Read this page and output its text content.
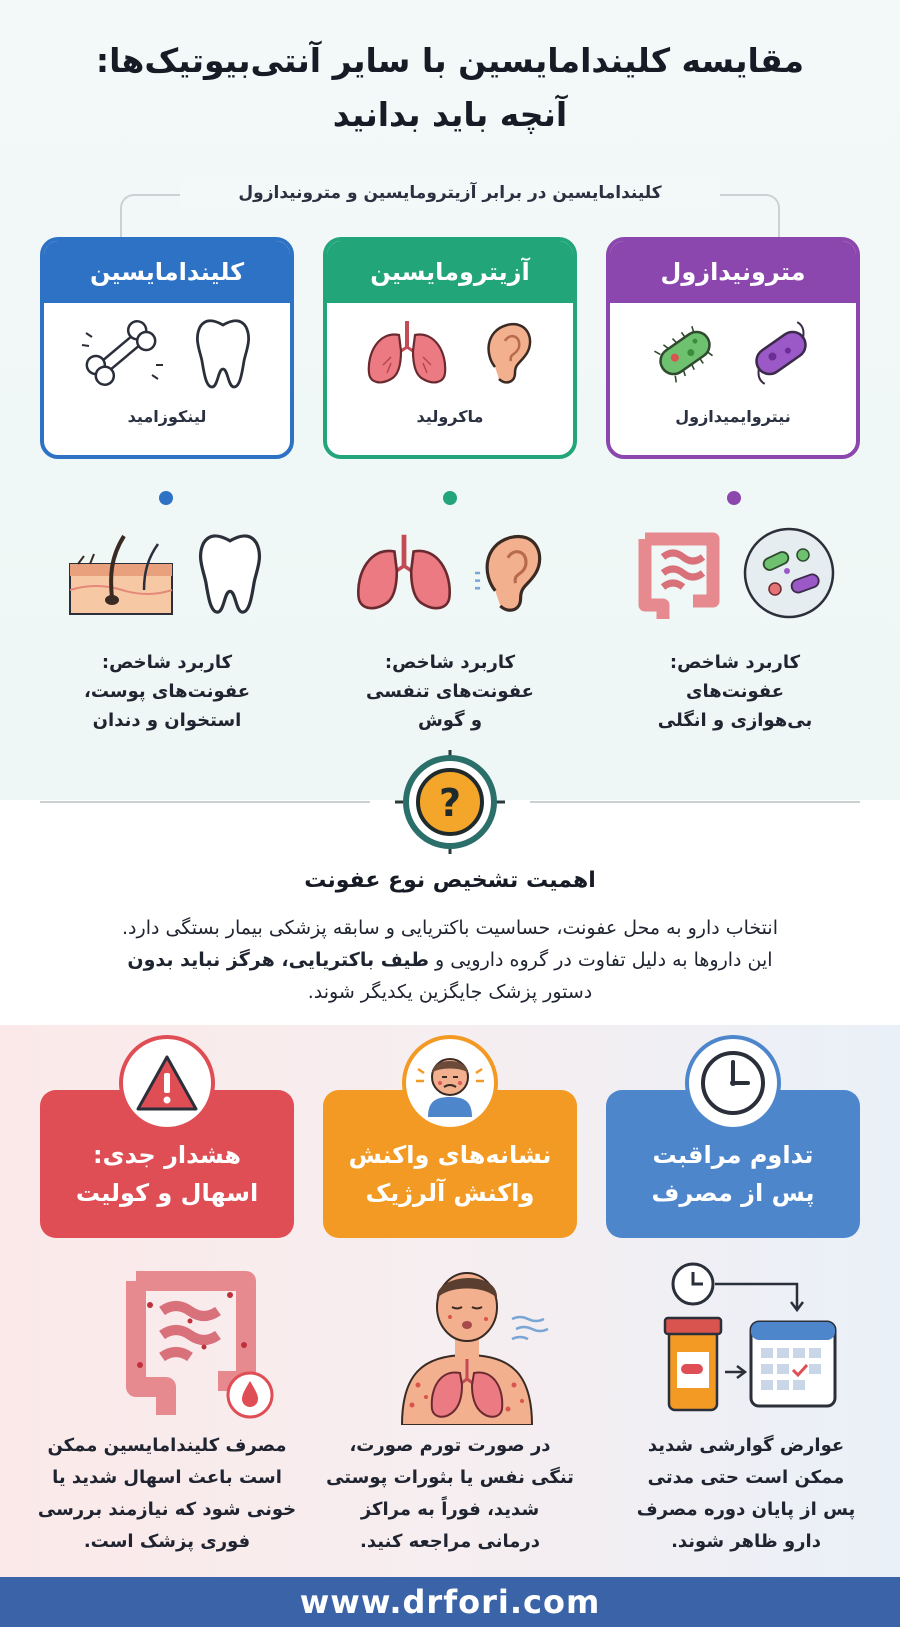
مقایسه کلیندامایسین با سایر آنتی‌بیوتیک‌ها:
آنچه باید بدانید
کلیندامایسین در برابر آزیترومایسین و مترونیدازول
مترونیدازول
نیتروایمیدازول
آزیترومایسین
ماکرولید
کلیندامایسین
لینکوزامید
کاربرد شاخص:
عفونت‌های
بی‌هوازی و انگلی
کاربرد شاخص:
عفونت‌های تنفسی
و گوش
کاربرد شاخص:
عفونت‌های پوست،
استخوان و دندان
?
اهمیت تشخیص نوع عفونت
انتخاب دارو به محل عفونت، حساسیت باکتریایی و سابقه پزشکی بیمار بستگی دارد.
این داروها به دلیل تفاوت در گروه دارویی و طیف باکتریایی، هرگز نباید بدون
دستور پزشک جایگزین یکدیگر شوند.
تداوم مراقبت
پس از مصرف
نشانه‌های واکنش
واکنش آلرژیک
هشدار جدی:
اسهال و کولیت
عوارض گوارشی شدید
ممکن است حتی مدتی
پس از پایان دوره مصرف
دارو ظاهر شوند.
در صورت تورم صورت،
تنگی نفس یا بثورات پوستی
شدید، فوراً به مراکز
درمانی مراجعه کنید.
مصرف کلیندامایسین ممکن
است باعث اسهال شدید یا
خونی شود که نیازمند بررسی
فوری پزشک است.
www.drfori.com
